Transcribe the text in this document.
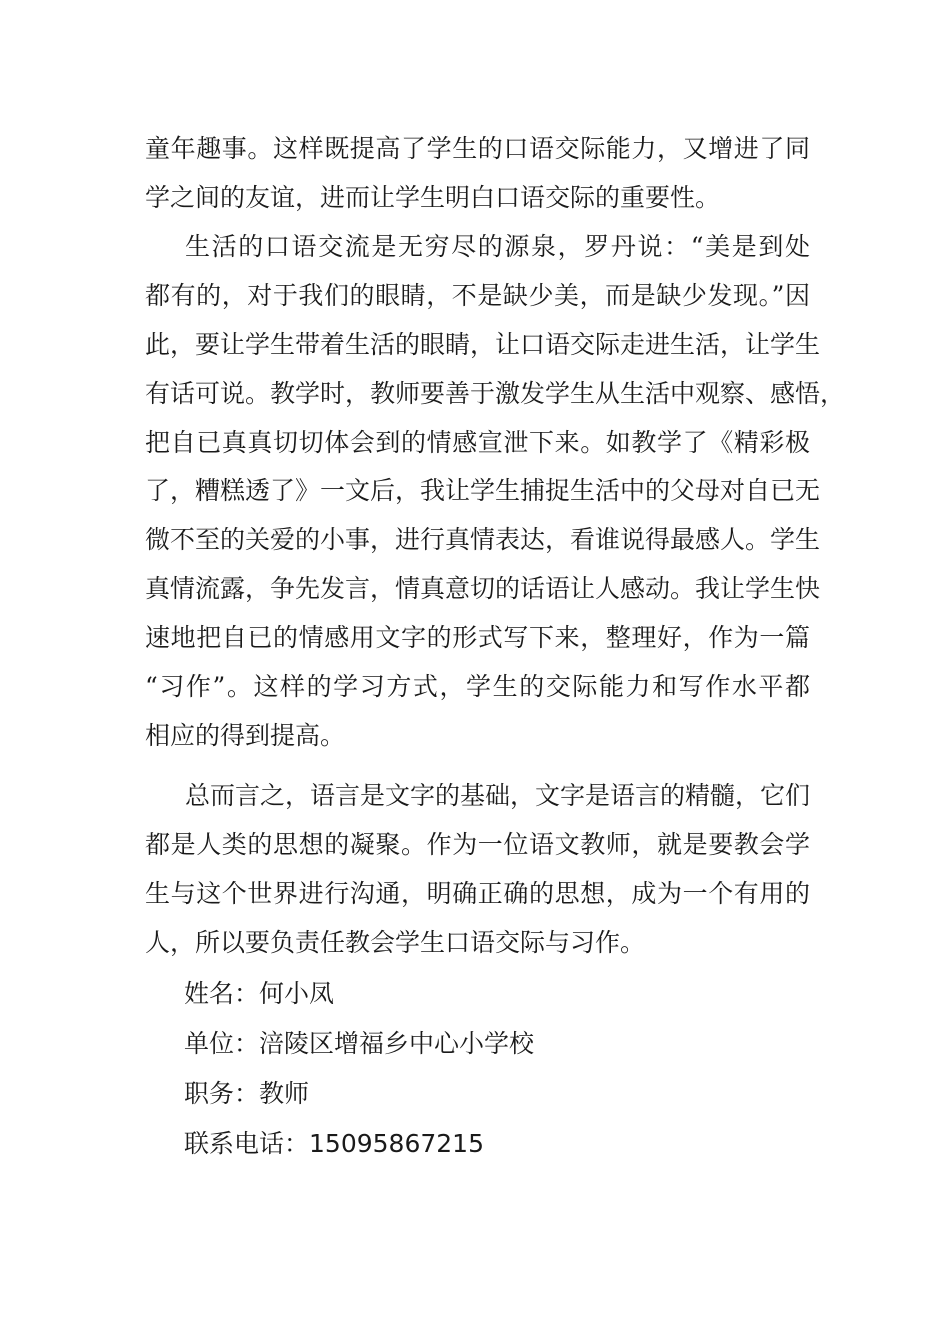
童年趣事。这样既提高了学生的口语交际能力，又增进了同
学之间的友谊，进而让学生明白口语交际的重要性。
生活的口语交流是无穷尽的源泉，罗丹说：“美是到处
都有的，对于我们的眼睛，不是缺少美，而是缺少发现。”因
此，要让学生带着生活的眼睛，让口语交际走进生活，让学生
有话可说。教学时，教师要善于激发学生从生活中观察、感悟，
把自已真真切切体会到的情感宣泄下来。如教学了《精彩极
了，糟糕透了》一文后，我让学生捕捉生活中的父母对自已无
微不至的关爱的小事，进行真情表达，看谁说得最感人。学生
真情流露，争先发言，情真意切的话语让人感动。我让学生快
速地把自已的情感用文字的形式写下来，整理好，作为一篇
“习作”。这样的学习方式，学生的交际能力和写作水平都
相应的得到提高。
总而言之，语言是文字的基础，文字是语言的精髓，它们
都是人类的思想的凝聚。作为一位语文教师，就是要教会学
生与这个世界进行沟通，明确正确的思想，成为一个有用的
人，所以要负责任教会学生口语交际与习作。
姓名：何小凤
单位：涪陵区增福乡中心小学校
职务：教师
联系电话：15095867215
